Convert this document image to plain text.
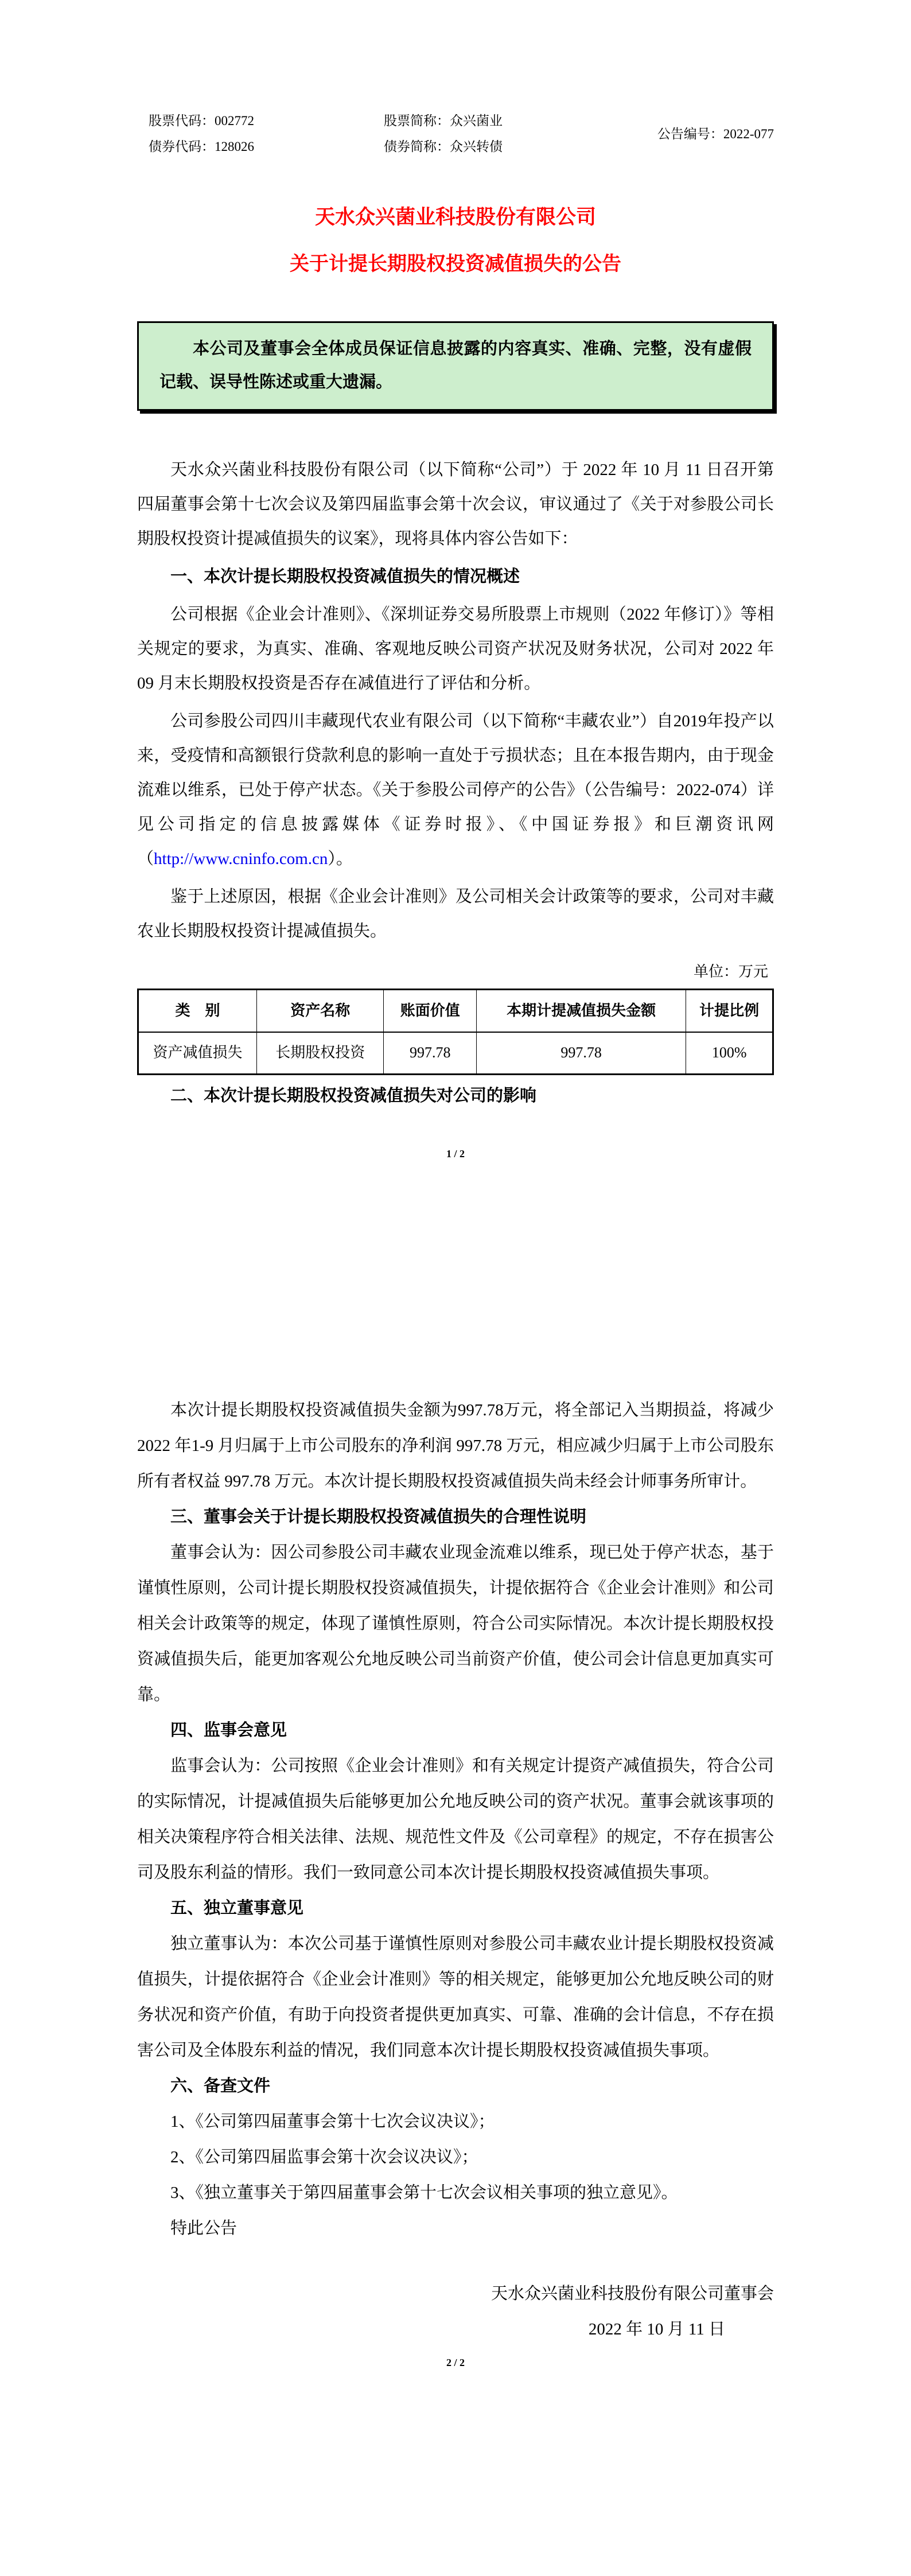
股票代码：002772
债券代码：128026
股票简称：众兴菌业
债券简称：众兴转债
公告编号：2022-077
天水众兴菌业科技股份有限公司
关于计提长期股权投资减值损失的公告

本公司及董事会全体成员保证信息披露的内容真实、准确、完整，没有虚假记载、误导性陈述或重大遗漏。

天水众兴菌业科技股份有限公司（以下简称“公司”）于 2022 年 10 月 11 日召开第四届董事会第十七次会议及第四届监事会第十次会议，审议通过了《关于对参股公司长期股权投资计提减值损失的议案》，现将具体内容公告如下：

一、本次计提长期股权投资减值损失的情况概述

公司根据《企业会计准则》、《深圳证券交易所股票上市规则（2022 年修订）》等相关规定的要求，为真实、准确、客观地反映公司资产状况及财务状况，公司对 2022 年 09 月末长期股权投资是否存在减值进行了评估和分析。

公司参股公司四川丰藏现代农业有限公司（以下简称“丰藏农业”）自2019年投产以来，受疫情和高额银行贷款利息的影响一直处于亏损状态；且在本报告期内，由于现金流难以维系，已处于停产状态。《关于参股公司停产的公告》（公告编号：2022-074）详见公司指定的信息披露媒体《证券时报》、《中国证券报》和巨潮资讯网（http://www.cninfo.com.cn）。

鉴于上述原因，根据《企业会计准则》及公司相关会计政策等的要求，公司对丰藏农业长期股权投资计提减值损失。

单位：万元
类　别	资产名称	账面价值	本期计提减值损失金额	计提比例
资产减值损失	长期股权投资	997.78	997.78	100%

二、本次计提长期股权投资减值损失对公司的影响

1 / 2

本次计提长期股权投资减值损失金额为997.78万元，将全部记入当期损益，将减少 2022 年1-9 月归属于上市公司股东的净利润 997.78 万元，相应减少归属于上市公司股东所有者权益 997.78 万元。本次计提长期股权投资减值损失尚未经会计师事务所审计。

三、董事会关于计提长期股权投资减值损失的合理性说明

董事会认为：因公司参股公司丰藏农业现金流难以维系，现已处于停产状态，基于谨慎性原则，公司计提长期股权投资减值损失，计提依据符合《企业会计准则》和公司相关会计政策等的规定，体现了谨慎性原则，符合公司实际情况。本次计提长期股权投资减值损失后，能更加客观公允地反映公司当前资产价值，使公司会计信息更加真实可靠。

四、监事会意见

监事会认为：公司按照《企业会计准则》和有关规定计提资产减值损失，符合公司的实际情况，计提减值损失后能够更加公允地反映公司的资产状况。董事会就该事项的相关决策程序符合相关法律、法规、规范性文件及《公司章程》的规定，不存在损害公司及股东利益的情形。我们一致同意公司本次计提长期股权投资减值损失事项。

五、独立董事意见

独立董事认为：本次公司基于谨慎性原则对参股公司丰藏农业计提长期股权投资减值损失，计提依据符合《企业会计准则》等的相关规定，能够更加公允地反映公司的财务状况和资产价值，有助于向投资者提供更加真实、可靠、准确的会计信息，不存在损害公司及全体股东利益的情况，我们同意本次计提长期股权投资减值损失事项。

六、备查文件

1、《公司第四届董事会第十七次会议决议》；

2、《公司第四届监事会第十次会议决议》；

3、《独立董事关于第四届董事会第十七次会议相关事项的独立意见》。

特此公告

天水众兴菌业科技股份有限公司董事会
2022 年 10 月 11 日
2 / 2
